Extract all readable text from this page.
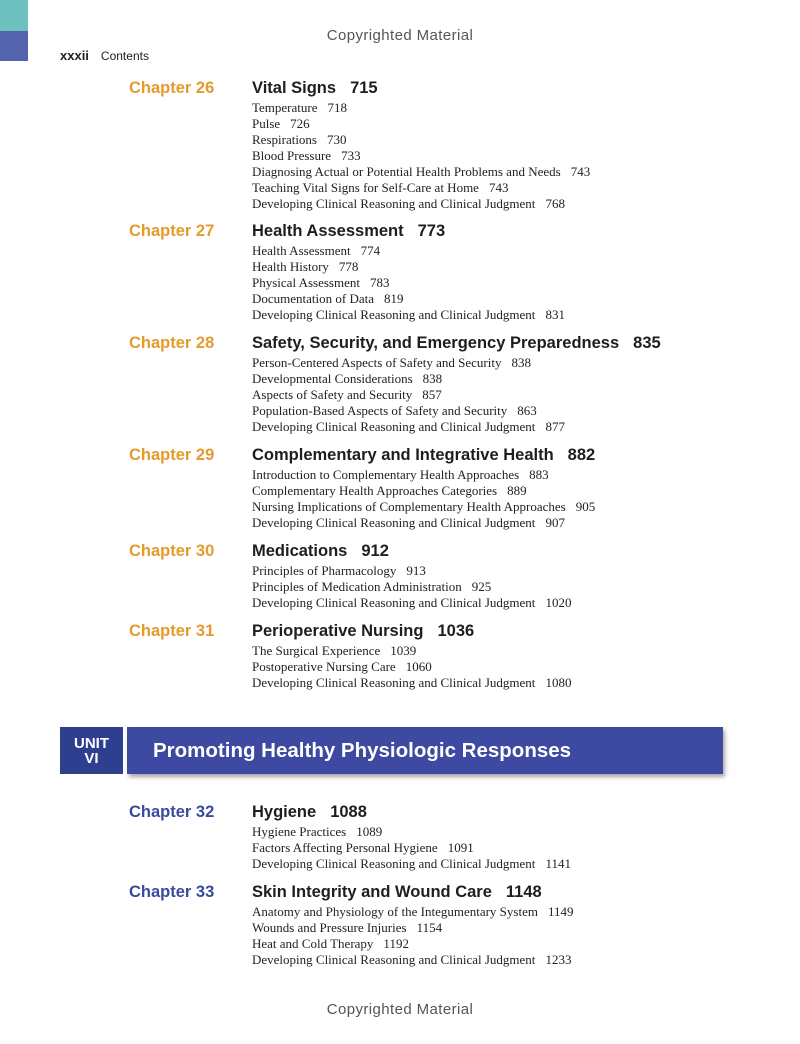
Copyrighted Material
xxxii Contents
Chapter 26 Vital Signs 715
Temperature 718
Pulse 726
Respirations 730
Blood Pressure 733
Diagnosing Actual or Potential Health Problems and Needs 743
Teaching Vital Signs for Self-Care at Home 743
Developing Clinical Reasoning and Clinical Judgment 768
Chapter 27 Health Assessment 773
Health Assessment 774
Health History 778
Physical Assessment 783
Documentation of Data 819
Developing Clinical Reasoning and Clinical Judgment 831
Chapter 28 Safety, Security, and Emergency Preparedness 835
Person-Centered Aspects of Safety and Security 838
Developmental Considerations 838
Aspects of Safety and Security 857
Population-Based Aspects of Safety and Security 863
Developing Clinical Reasoning and Clinical Judgment 877
Chapter 29 Complementary and Integrative Health 882
Introduction to Complementary Health Approaches 883
Complementary Health Approaches Categories 889
Nursing Implications of Complementary Health Approaches 905
Developing Clinical Reasoning and Clinical Judgment 907
Chapter 30 Medications 912
Principles of Pharmacology 913
Principles of Medication Administration 925
Developing Clinical Reasoning and Clinical Judgment 1020
Chapter 31 Perioperative Nursing 1036
The Surgical Experience 1039
Postoperative Nursing Care 1060
Developing Clinical Reasoning and Clinical Judgment 1080
UNIT
VI	Promoting Healthy Physiologic Responses
Chapter 32 Hygiene 1088
Hygiene Practices 1089
Factors Affecting Personal Hygiene 1091
Developing Clinical Reasoning and Clinical Judgment 1141
Chapter 33 Skin Integrity and Wound Care 1148
Anatomy and Physiology of the Integumentary System 1149
Wounds and Pressure Injuries 1154
Heat and Cold Therapy 1192
Developing Clinical Reasoning and Clinical Judgment 1233
Copyrighted Material
